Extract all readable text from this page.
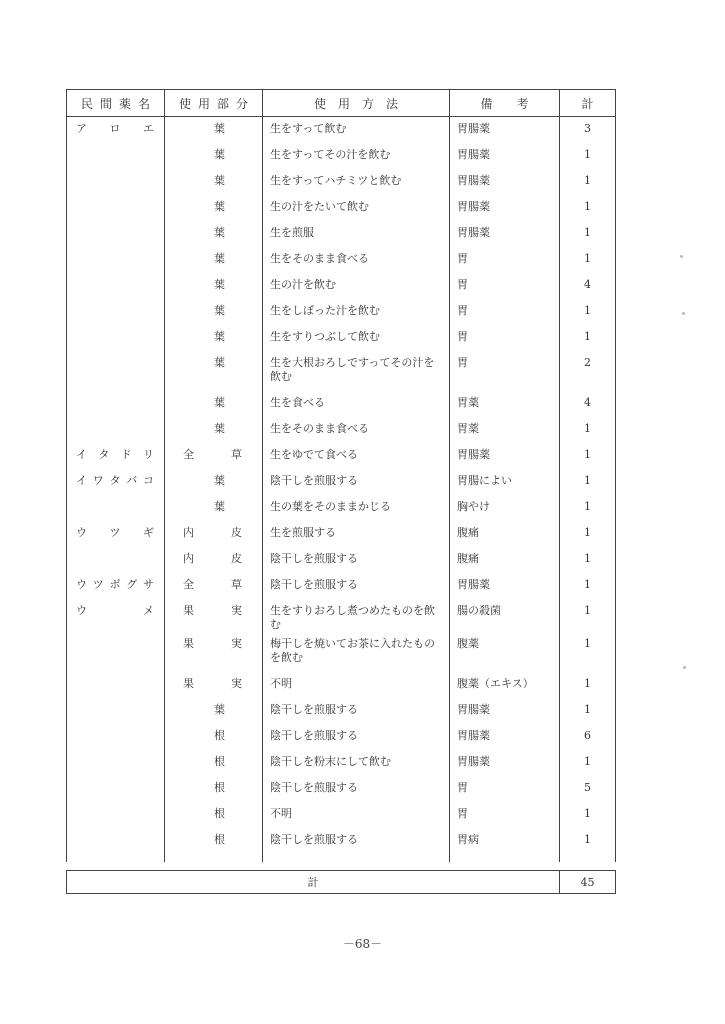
民間薬名	使用部分	使　用　方　法	備　　考	計

アロエ	葉	生をすって飲む	胃腸薬	3

	葉	生をすってその汁を飲む	胃腸薬	1

	葉	生をすってハチミツと飲む	胃腸薬	1

	葉	生の汁をたいて飲む	胃腸薬	1

	葉	生を煎服	胃腸薬	1

	葉	生をそのまま食べる	胃	1

	葉	生の汁を飲む	胃	4

	葉	生をしぼった汁を飲む	胃	1

	葉	生をすりつぶして飲む	胃	1

	葉	生を大根おろしですってその汁を飲む	胃	2

	葉	生を食べる	胃薬	4

	葉	生をそのまま食べる	胃薬	1

イタドリ	全草	生をゆでて食べる	胃腸薬	1

イワタバコ	葉	陰干しを煎服する	胃腸によい	1

	葉	生の葉をそのままかじる	胸やけ	1

ウツギ	内皮	生を煎服する	腹痛	1

	内皮	陰干しを煎服する	腹痛	1

ウツボグサ	全草	陰干しを煎服する	胃腸薬	1

ウメ	果実	生をすりおろし煮つめたものを飲む	腸の殺菌	1

	果実	梅干しを焼いてお茶に入れたものを飲む	腹薬	1

	果実	不明	腹薬（エキス）	1

	葉	陰干しを煎服する	胃腸薬	1

	根	陰干しを煎服する	胃腸薬	6

	根	陰干しを粉末にして飲む	胃腸薬	1

	根	陰干しを煎服する	胃	5

	根	不明	胃	1

	根	陰干しを煎服する	胃病	1

計				45
－68－
